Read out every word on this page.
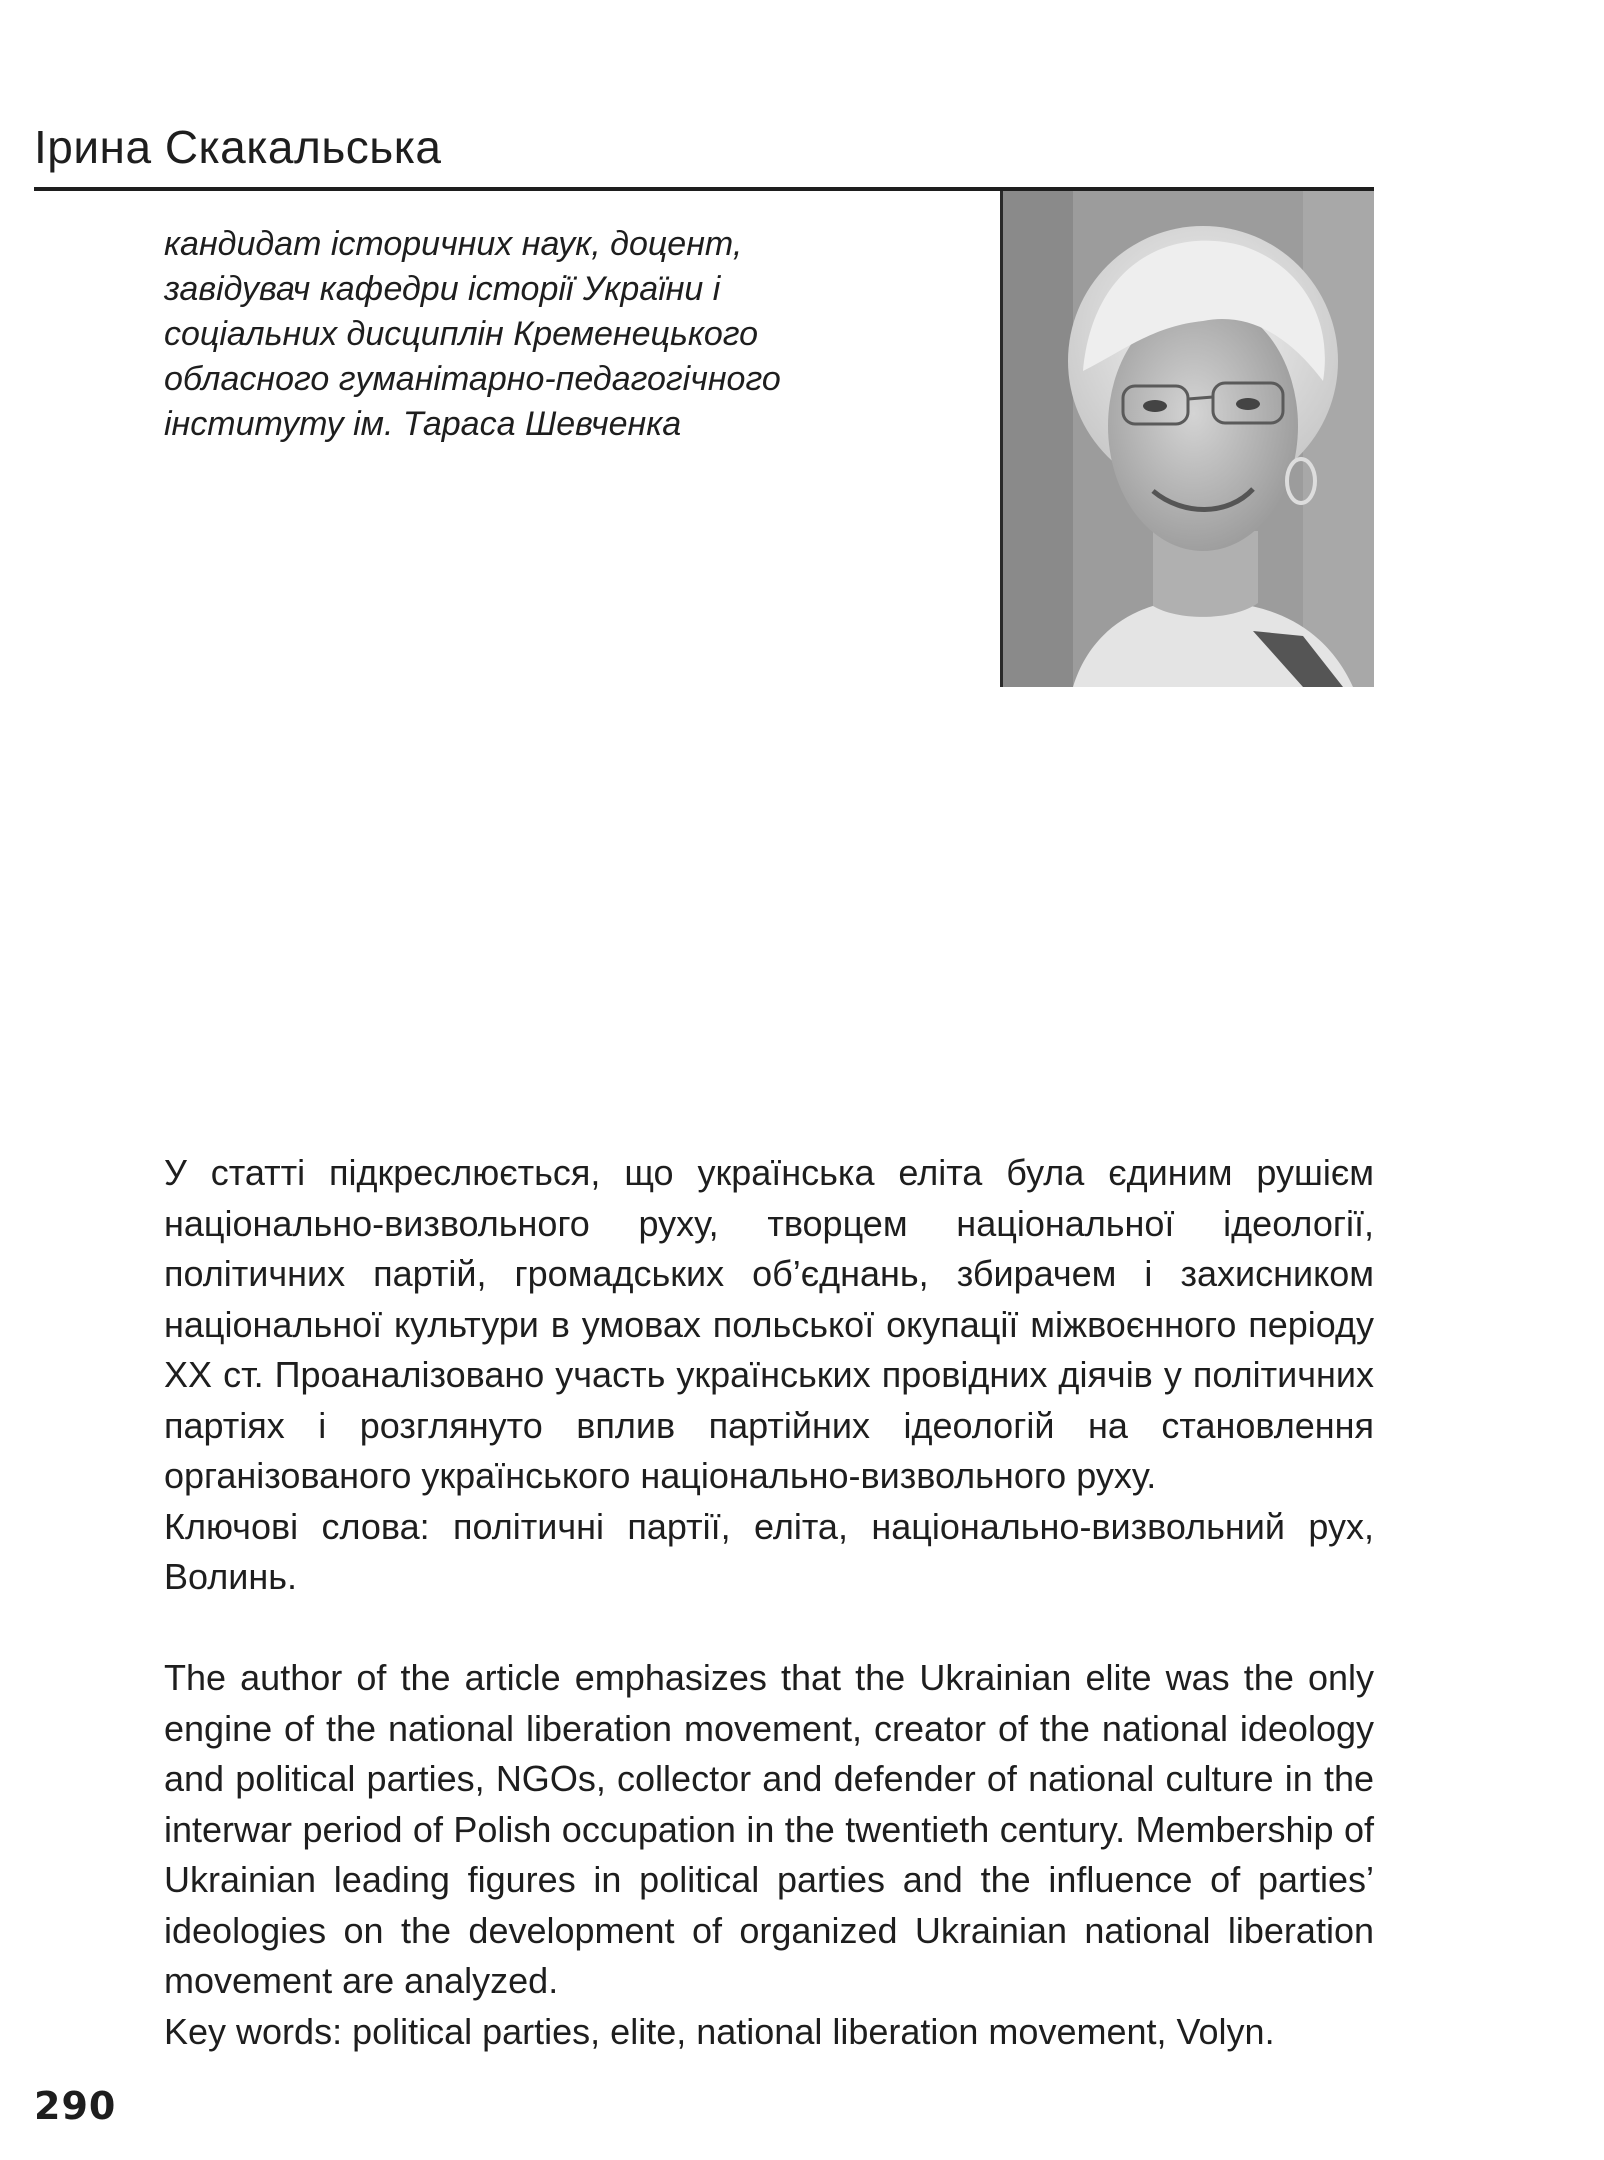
Ірина Скакальська

кандидат історичних наук, доцент, завідувач кафедри історії України і соціальних дисциплін Кременецького обласного гуманітарно-педагогічного інституту ім. Тараса Шевченка

У статті підкреслюється, що українська еліта була єдиним рушієм національно-визвольного руху, творцем національної ідеології, політичних партій, громадських об’єднань, збирачем і захисником національної культури в умовах польської окупації міжвоєнного періоду XX ст. Проаналізовано участь українських провідних діячів у політичних партіях і розглянуто вплив партійних ідеологій на становлення організованого українського національно-визвольного руху.

Ключові слова: політичні партії, еліта, національно-визвольний рух, Волинь.

The author of the article emphasizes that the Ukrainian elite was the only engine of the national liberation movement, creator of the national ideology and political parties, NGOs, collector and defender of national culture in the interwar period of Polish occupation in the twentieth century. Membership of Ukrainian leading figures in political parties and the influence of parties’ ideologies on the development of organized Ukrainian national liberation movement are analyzed.

Key words: political parties, elite, national liberation movement, Volyn.

290
